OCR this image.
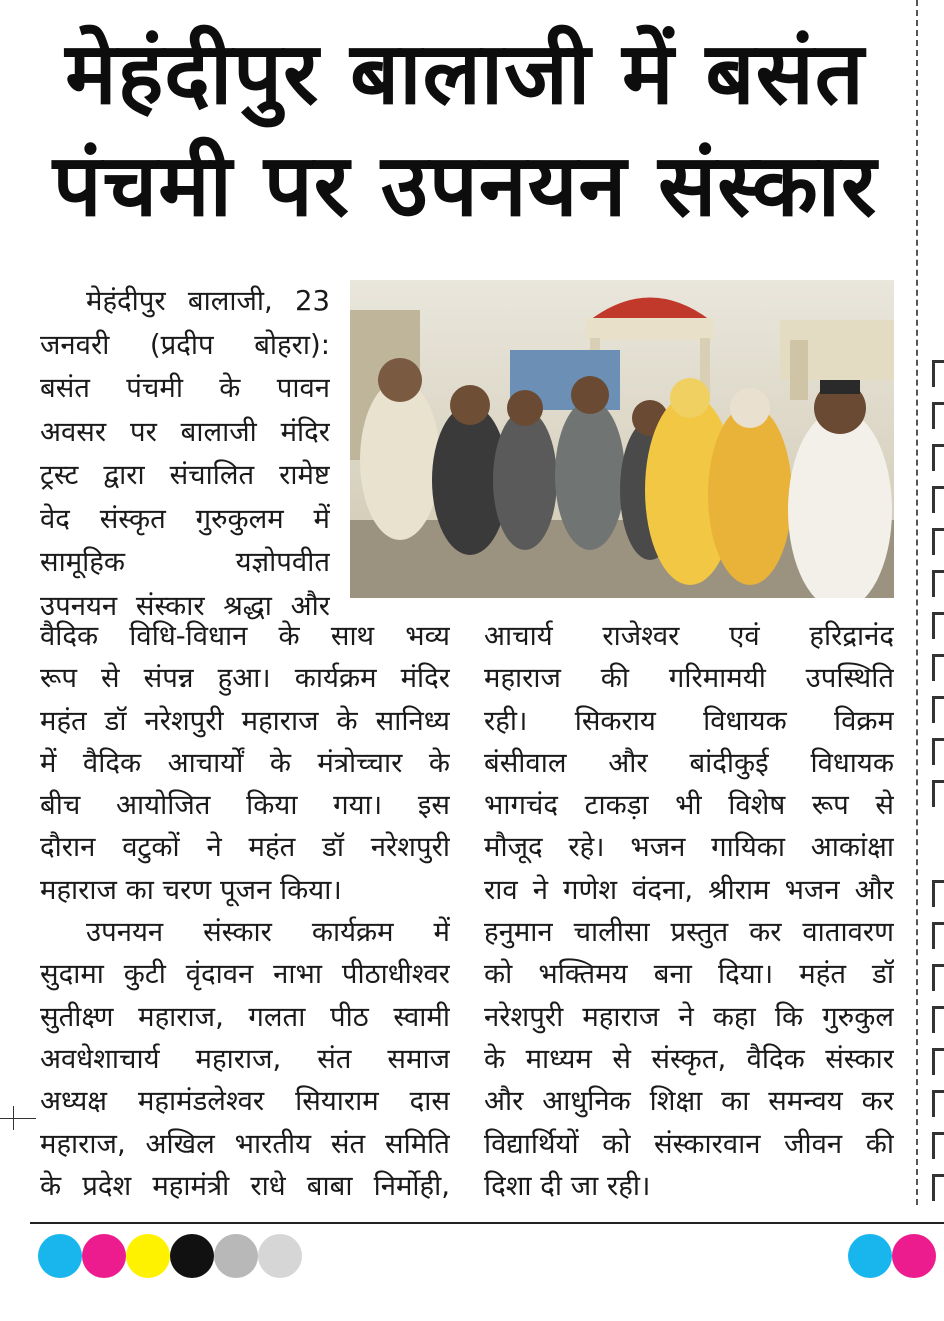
मेहंदीपुर बालाजी में बसंत
पंचमी पर उपनयन संस्कार
मेहंदीपुर बालाजी, 23
जनवरी (प्रदीप बोहरा):
बसंत पंचमी के पावन
अवसर पर बालाजी मंदिर
ट्रस्ट द्वारा संचालित रामेष्ट
वेद संस्कृत गुरुकुलम में
सामूहिक यज्ञोपवीत
उपनयन संस्कार श्रद्धा और
वैदिक विधि-विधान के साथ भव्य
रूप से संपन्न हुआ। कार्यक्रम मंदिर
महंत डॉ नरेशपुरी महाराज के सानिध्य
में वैदिक आचार्यों के मंत्रोच्चार के
बीच आयोजित किया गया। इस
दौरान वटुकों ने महंत डॉ नरेशपुरी
महाराज का चरण पूजन किया।
उपनयन संस्कार कार्यक्रम में
सुदामा कुटी वृंदावन नाभा पीठाधीश्वर
सुतीक्ष्ण महाराज, गलता पीठ स्वामी
अवधेशाचार्य महाराज, संत समाज
अध्यक्ष महामंडलेश्वर सियाराम दास
महाराज, अखिल भारतीय संत समिति
के प्रदेश महामंत्री राधे बाबा निर्मोही,
आचार्य राजेश्वर एवं हरिद्रानंद
महाराज की गरिमामयी उपस्थिति
रही। सिकराय विधायक विक्रम
बंसीवाल और बांदीकुई विधायक
भागचंद टाकड़ा भी विशेष रूप से
मौजूद रहे। भजन गायिका आकांक्षा
राव ने गणेश वंदना, श्रीराम भजन और
हनुमान चालीसा प्रस्तुत कर वातावरण
को भक्तिमय बना दिया। महंत डॉ
नरेशपुरी महाराज ने कहा कि गुरुकुल
के माध्यम से संस्कृत, वैदिक संस्कार
और आधुनिक शिक्षा का समन्वय कर
विद्यार्थियों को संस्कारवान जीवन की
दिशा दी जा रही।
